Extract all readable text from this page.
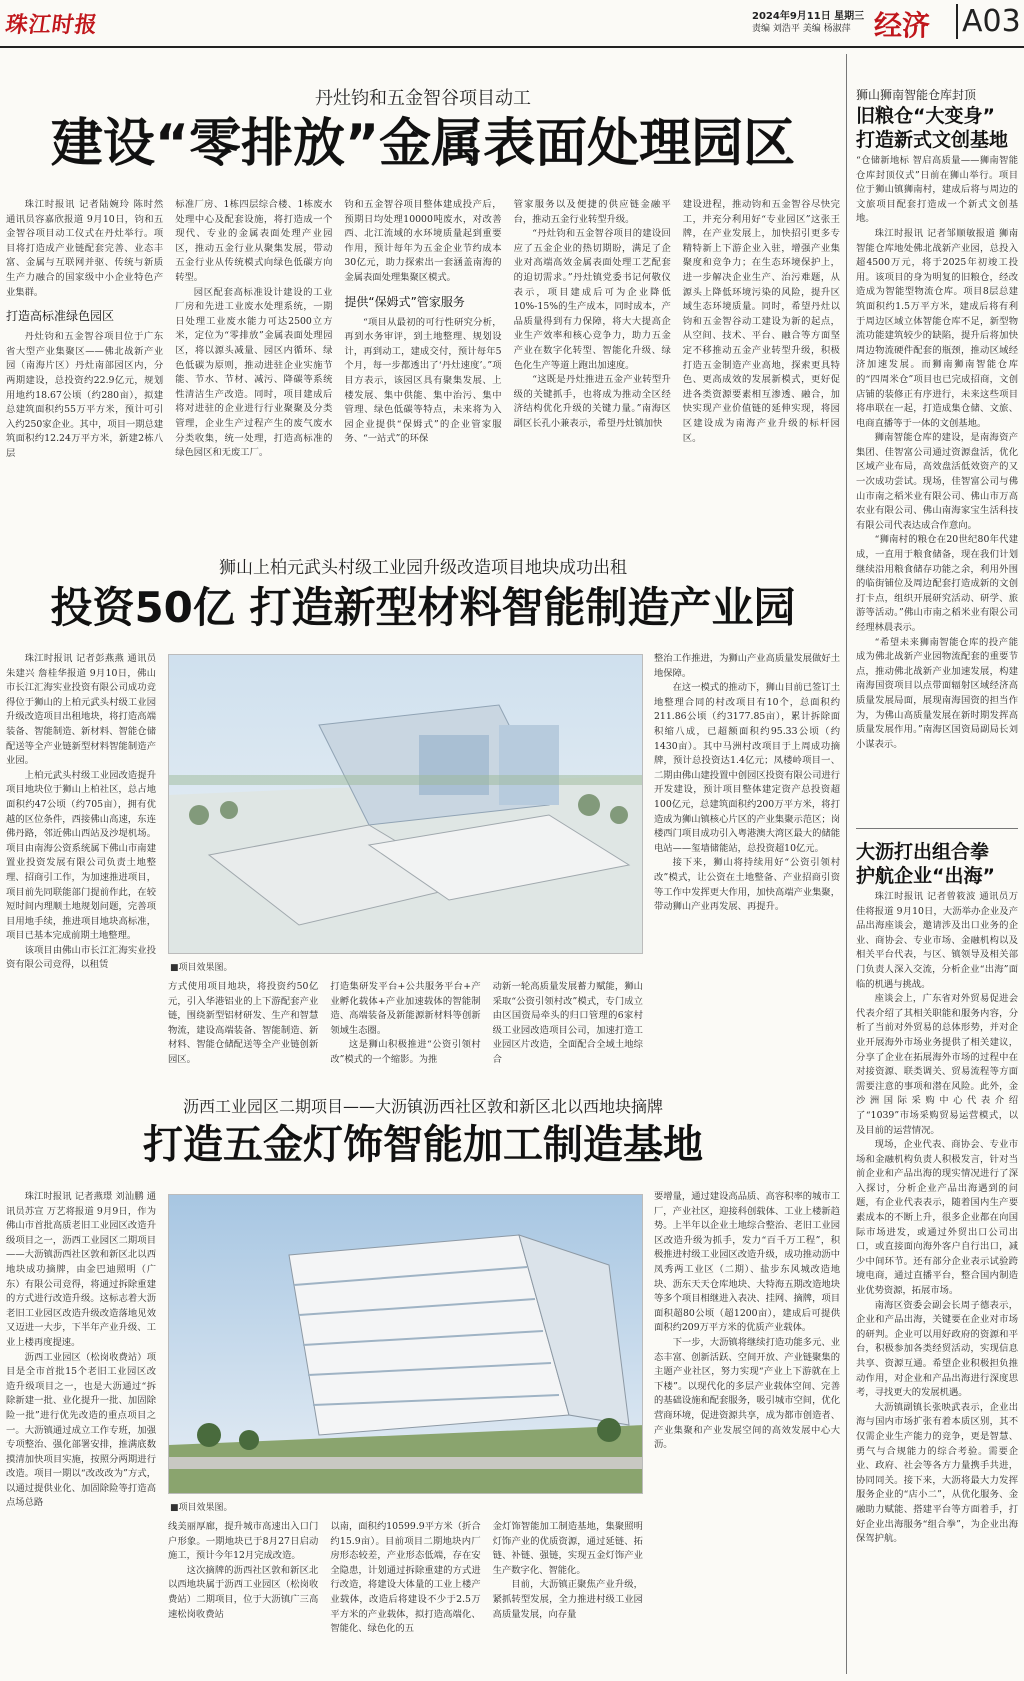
珠江时报	2024年9月11日 星期三
责编 刘浩平 美编 杨淑萍 经济 A03
丹灶钧和五金智谷项目动工
建设“零排放”金属表面处理园区

珠江时报讯 记者陆婉玲 陈时然 通讯员容嘉欣报道 9月10日，钧和五金智谷项目动工仪式在丹灶举行。项目将打造成产业链配套完善、业态丰富、金属与互联网并驱、传统与新质生产力融合的国家级中小企业特色产业集群。

打造高标准绿色园区

丹灶钧和五金智谷项目位于广东省大型产业集聚区——佛北战新产业园（南海片区）丹灶南部园区内，分两期建设，总投资约22.9亿元，规划用地约18.67公顷（约280亩），拟建总建筑面积约55万平方米，预计可引入约250家企业。其中，项目一期总建筑面积约12.24万平方米，新建2栋八层

标准厂房、1栋四层综合楼、1栋废水处理中心及配套设施，将打造成一个现代、专业的金属表面处理产业园区，推动五金行业从聚集发展，带动五金行业从传统模式向绿色低碳方向转型。

园区配套高标准设计建设的工业厂房和先进工业废水处理系统，一期日处理工业废水能力可达2500立方米，定位为“零排放”金属表面处理园区，将以源头减量、园区内循环、绿色低碳为原则，推动进驻企业实施节能、节水、节材、减污、降碳等系统性清洁生产改造。同时，项目建成后将对进驻的企业进行行业聚聚及分类管理，企业生产过程产生的废气废水分类收集，统一处理，打造高标准的绿色园区和无废工厂。

钧和五金智谷项目整体建成投产后，预期日均处理10000吨废水，对改善西、北江流域的水环境质量起到重要作用，预计每年为五金企业节约成本30亿元，助力探索出一套涵盖南海的金属表面处理集聚区模式。

提供“保姆式”管家服务

“项目从最初的可行性研究分析，再到水务审评，到土地整理、规划设计，再到动工，建成交付，预计每年5个月，每一步都透出了‘丹灶速度’。”项目方表示，该园区具有聚集发展、上楼发展、集中供能、集中治污、集中管理、绿色低碳等特点，未来将为入园企业提供“保姆式”的企业管家服务、“一站式”的环保

管家服务以及便捷的供应链金融平台，推动五金行业转型升级。

“丹灶钧和五金智谷项目的建设回应了五金企业的热切期盼，满足了企业对高端高效金属表面处理工艺配套的迫切需求。”丹灶镇党委书记何敬仪表示，项目建成后可为企业降低10%-15%的生产成本，同时成本，产品质量得到有力保障，将大大提高企业生产效率和核心竞争力，助力五金产业在数字化转型、智能化升级、绿色化生产等道上跑出加速度。

“这既是丹灶推进五金产业转型升级的关键抓手，也将成为推动全区经济结构优化升级的关键力量。”南海区副区长孔小兼表示，希望丹灶镇加快

建设进程，推动钧和五金智谷尽快完工，并充分利用好“专业园区”这张王牌，在产业发展上，加快招引更多专精特新上下游企业入驻，增强产业集聚度和竞争力；在生态环境保护上，进一步解决企业生产、治污难题，从源头上降低环境污染的风险，提升区域生态环境质量。同时，希望丹灶以钧和五金智谷动工建设为新的起点，从空间、技术、平台、融合等方面坚定不移推动五金产业转型升级，积极打造五金制造产业高地，探索更具特色、更高成效的发展新模式，更好促进各类资源要素相互渗透、融合，加快实现产业价值链的延伸实现，将园区建设成为南海产业升级的标杆园区。

狮山上柏元武头村级工业园升级改造项目地块成功出租
投资50亿 打造新型材料智能制造产业园

珠江时报讯 记者彭燕燕 通讯员朱建兴 詹桂华报道 9月10日，佛山市长江汇海实业投资有限公司成功竞得位于狮山的上柏元武头村级工业园升级改造项目出租地块，将打造高端装备、智能制造、新材料、智能仓储配送等全产业链新型材料智能制造产业园。

上柏元武头村级工业园改造提升项目地块位于狮山上柏社区，总占地面积约47公顷（约705亩），拥有优越的区位条件，西接佛山高速，东连佛丹路，邻近佛山西站及沙堤机场。项目由南海公资系统属下佛山市南建置业投资发展有限公司负责土地整理、招商引工作，为加速推进项目，项目前先同联能部门提前作此，在较短时间内理顺土地规划问题，完善项目用地手续，推进项目地块高标准，项目已基本完成前期土地整理。

该项目由佛山市长江汇海实业投资有限公司竞得，以租赁	■项目效果图。

方式使用项目地块，将投资约50亿元，引入华港铝业的上下游配套产业链，围绕新型铝材研发、生产和智慧物流，建设高端装备、智能制造、新材料、智能仓储配送等全产业链创新园区。

打造集研发平台+公共服务平台+产业孵化载体+产业加速载体的智能制造、高端装备及新能源新材料等创新领域生态圈。

这是狮山积极推进“公资引领村改”模式的一个缩影。为推

动新一轮高质量发展蓄力赋能，狮山采取“公资引领村改”模式，专门成立由区国资局牵头的归口管理的6家村级工业园改造项目公司，加速打造工业园区片改造，全面配合全域土地综合

整治工作推进，为狮山产业高质量发展做好土地保障。

在这一模式的推动下，狮山目前已签订土地整理合同的村改项目有10个，总面积约211.86公顷（约3177.85亩），累计拆除面积缩八成，已超额面积约95.33公顷（约1430亩）。其中马洲村改项目于上周成功摘牌，预计总投资达1.4亿元；凤楼岭项目一、二期由佛山建投置中创园区投资有限公司进行开发建设，预计项目整体建定资产总投资超100亿元，总建筑面积约200万平方米，将打造成为狮山镇核心片区的产业集聚示范区；岗楼西门项目成功引入粤港澳大湾区最大的储能电站——玺墙储能站，总投资超10亿元。

接下来，狮山将持续用好“公资引领村改”模式，让公资在土地整备、产业招商引资等工作中发挥更大作用，加快高端产业集聚，带动狮山产业再发展、再提升。

沥西工业园区二期项目——大沥镇沥西社区敦和新区北以西地块摘牌
打造五金灯饰智能加工制造基地

珠江时报讯 记者燕璟 刘汕鹏 通讯员苏宣 万艺将报道 9月9日，作为佛山市首批高质老旧工业园区改造升级项目之一，沥西工业园区二期项目——大沥镇沥西社区敦和新区北以西地块成功摘牌，由金巴迪照明（广东）有限公司竞得，将通过拆除重建的方式进行改造升级。这标志着大沥老旧工业园区改造升级改造落地见效又迈进一大步，下半年产业升级、工业上楼再度提速。

沥西工业园区（松岗收费站）项目是全市首批15个老旧工业园区改造升级项目之一，也是大沥通过“拆除新建一批、业化提升一批、加固除险一批”进行优先改造的重点项目之一。大沥镇通过成立工作专班，加强专项整治、强化部署安排，推满底数摸清加快项目实施，按照分两期进行改造。项目一期以“改改改为”方式，以通过提供业化、加固除险等打造高点场总路	■项目效果图。

线美丽厚廊，提升城市高速出入口门户形象。一期地块已于8月27日启动施工，预计今年12月完成改造。

这次摘牌的沥西社区敦和新区北以西地块属于沥西工业园区（松岗收费站）二期项目，位于大沥镇广三高速松岗收费站

以南，面积约10599.9平方米（折合约15.9亩）。目前项目二期地块内厂房形态较差，产业形态低端，存在安全隐患，计划通过拆除重建的方式进行改造，将建设大体量的工业上楼产业载体，改造后将建设不少于2.5万平方米的产业载体，拟打造高端化、智能化、绿色化的五

金灯饰智能加工制造基地，集聚照明灯饰产业的优质资源，通过延链、拓链、补链、强链，实现五金灯饰产业生产数字化、智能化。

目前，大沥镇正聚焦产业升级，紧抓转型发展，全力推进村级工业园高质量发展，向存量

要增量，通过建设高品质、高容积率的城市工厂，产业社区，迎接科创载体、工业上楼新趋势。上半年以企业土地综合整治、老旧工业园区改造升级为抓手，发力“百千万工程”，积极推进村级工业园区改造升级，成功推动沥中凤秀两工业区（二期）、盐步东风城改造地块、沥东天天仓库地块、大特海五期改造地块等多个项目相继进入表决、挂网、摘牌，项目面积超80公顷（超1200亩），建成后可提供面积约209万平方米的优质产业载体。

下一步，大沥镇将继续打造功能多元、业态丰富、创新活跃、空间开放、产业链聚集的主题产业社区，努力实现“产业上下游就在上下楼”。以现代化的多层产业载体空间、完善的基础设施和配套服务，吸引城市空间，优化营商环境，促进资源共享，成为都市创造者、产业集聚和产业发展空间的高效发展中心大沥。

狮山狮南智能仓库封顶
旧粮仓“大变身”
打造新式文创基地

“仓储新地标 智启高质量——狮南智能仓库封顶仪式”日前在狮山举行。项目位于狮山镇狮南村，建成后将与周边的文旅项目配套打造成一个新式文创基地。

珠江时报讯 记者邹顺敏报道 狮南智能仓库地处佛北战新产业园，总投入超4500万元，将于2025年初竣工投用。该项目的身为明复的旧粮仓，经改造成为智能型物流仓库。项目8层总建筑面积约1.5万平方米，建成后将有利于周边区域立体智能仓库不足，新型物流功能建筑较少的缺陷，提升后将加快周边物流硬件配套的瓶颈，推动区域经济加速发展。而狮南狮南智能仓库的“四周米仓”项目也已完成招商，文创店铺的装修正有序进行，未来这些项目将串联在一起，打造成集仓储、文旅、电商直播等于一体的文创基地。

狮南智能仓库的建设，是南海资产集团、佳智富公司通过资源盘活，优化区域产业布局，高效盘活低效资产的又一次成功尝试。现场，佳智富公司与佛山市南之稻米业有限公司、佛山市万高农业有限公司、佛山南海家宝生活科技有限公司代表达成合作意向。

“狮南村的粮仓在20世纪80年代建成，一直用于粮食储备，现在我们计划继续沿用粮食储存功能之余，利用外围的临街铺位及周边配套打造成新的文创打卡点，组织开展研究活动、研学、旅游等活动。”佛山市南之稻米业有限公司经理林晨表示。

“希望未来狮南智能仓库的投产能成为佛北战新产业园物流配套的重要节点，推动佛北战新产业加速发展，构建南海国资项目以点带面辐射区域经济高质量发展局面，展现南海国资的担当作为，为佛山高质量发展在新时期发挥高质量发展作用。”南海区国资局副局长刘小谋表示。

大沥打出组合拳
护航企业“出海”

珠江时报讯 记者曾筱波 通讯员万佳将报道 9月10日，大沥举办企业及产品出海座谈会，邀请涉及出口业务的企业、商协会、专业市场、金融机构以及相关平台代表，与区、镇领导及相关部门负责人深入交流，分析企业“出海”面临的机遇与挑战。

座谈会上，广东省对外贸易促进会代表介绍了其相关职能和服务内容，分析了当前对外贸易的总体形势，并对企业开展海外市场业务提供了相关建议，分享了企业在拓展海外市场的过程中在对接资源、联类调关、贸易流程等方面需要注意的事项和潜在风险。此外，金沙洲国际采购中心代表介绍了“1039”市场采购贸易运营模式，以及目前的运营情况。

现场，企业代表、商协会、专业市场和金融机构负责人积极发言，针对当前企业和产品出海的现实情况进行了深入探讨，分析企业产品出海遇到的问题，有企业代表表示，随着国内生产要素成本的不断上升，很多企业都在向国际市场进发，或通过外贸出口公司出口，或直接面向海外客户自行出口，减少中间环节。还有部分企业表示试验跨境电商，通过直播平台，整合国内制造业优势资源，拓展市场。

南海区资委会副会长周子德表示，企业和产品出海，关键要在企业对市场的研判。企业可以用好政府的资源和平台，积极参加各类经贸活动，实现信息共享、资源互通。希望企业积极担负推动作用，对企业和产品出海进行深度思考，寻找更大的发展机遇。

大沥镇副镇长张映武表示，企业出海与国内市场扩张有着本质区别，其不仅需企业生产能力的竞争，更是智慧、勇气与合规能力的综合考验。需要企业、政府、社会等各方力量携手共进，协同同关。接下来，大沥将最大力发挥服务企业的“店小二”，从优化服务、金融助力赋能、搭建平台等方面着手，打好企业出海服务“组合拳”，为企业出海保驾护航。
